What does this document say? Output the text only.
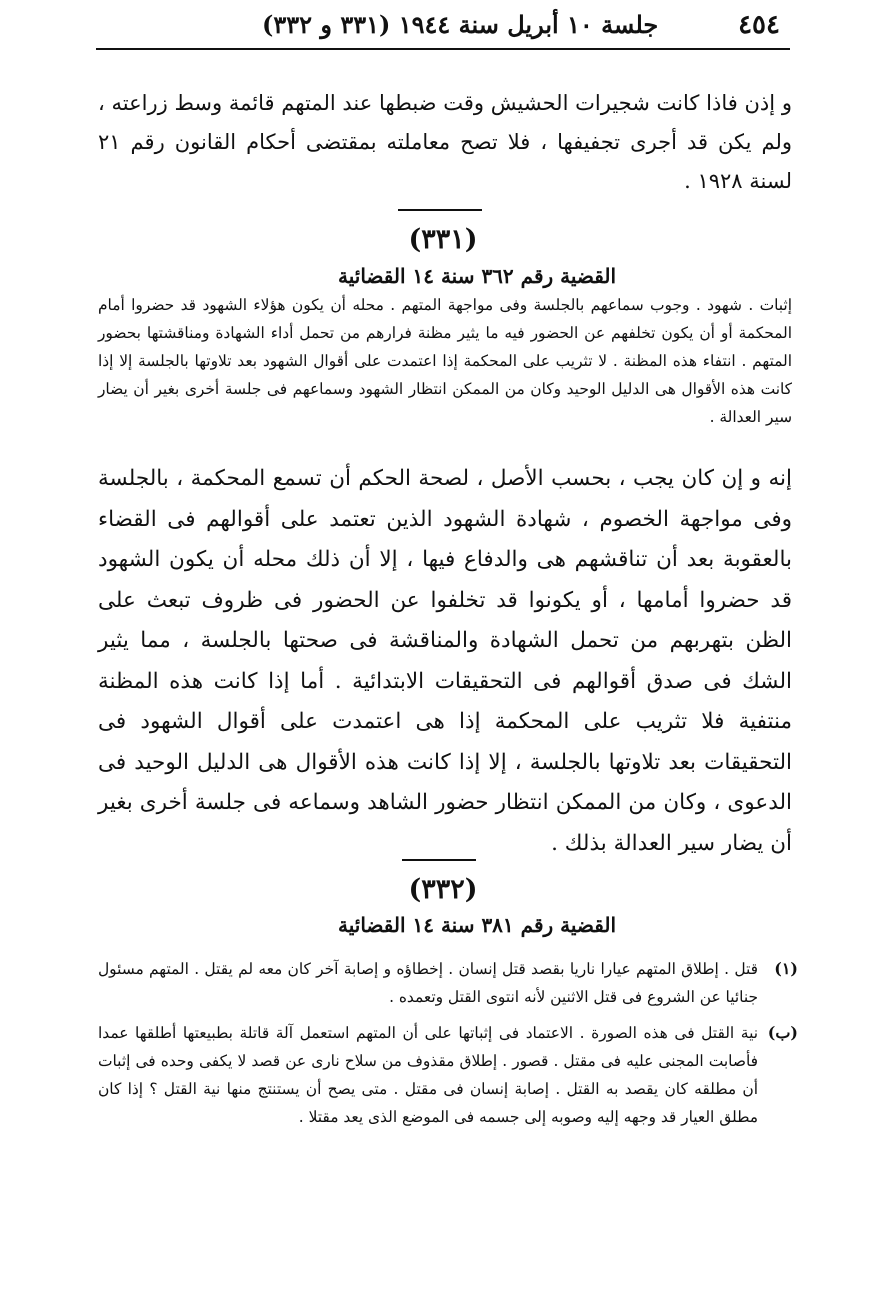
٤٥٤
جلسة ١٠ أبريل سنة ١٩٤٤ (٣٣١ و ٣٣٢)

و إذن فاذا كانت شجيرات الحشيش وقت ضبطها عند المتهم قائمة وسط زراعته ، ولم يكن قد أجرى تجفيفها ، فلا تصح معاملته بمقتضى أحكام القانون رقم ٢١ لسنة ١٩٢٨ .

(٣٣١)
القضية رقم ٣٦٢ سنة ١٤ القضائية

إثبات . شهود . وجوب سماعهم بالجلسة وفى مواجهة المتهم . محله أن يكون هؤلاء الشهود قد حضروا أمام المحكمة أو أن يكون تخلفهم عن الحضور فيه ما يثير مظنة فرارهم من تحمل أداء الشهادة ومناقشتها بحضور المتهم . انتفاء هذه المظنة . لا تثريب على المحكمة إذا اعتمدت على أقوال الشهود بعد تلاوتها بالجلسة إلا إذا كانت هذه الأقوال هى الدليل الوحيد وكان من الممكن انتظار الشهود وسماعهم فى جلسة أخرى بغير أن يضار سير العدالة .

إنه و إن كان يجب ، بحسب الأصل ، لصحة الحكم أن تسمع المحكمة ، بالجلسة وفى مواجهة الخصوم ، شهادة الشهود الذين تعتمد على أقوالهم فى القضاء بالعقوبة بعد أن تناقشهم هى والدفاع فيها ، إلا أن ذلك محله أن يكون الشهود قد حضروا أمامها ، أو يكونوا قد تخلفوا عن الحضور فى ظروف تبعث على الظن بتهربهم من تحمل الشهادة والمناقشة فى صحتها بالجلسة ، مما يثير الشك فى صدق أقوالهم فى التحقيقات الابتدائية . أما إذا كانت هذه المظنة منتفية فلا تثريب على المحكمة إذا هى اعتمدت على أقوال الشهود فى التحقيقات بعد تلاوتها بالجلسة ، إلا إذا كانت هذه الأقوال هى الدليل الوحيد فى الدعوى ، وكان من الممكن انتظار حضور الشاهد وسماعه فى جلسة أخرى بغير أن يضار سير العدالة بذلك .

(٣٣٢)
القضية رقم ٣٨١ سنة ١٤ القضائية
(١)
قتل . إطلاق المتهم عيارا ناريا بقصد قتل إنسان . إخطاؤه و إصابة آخر كان معه لم يقتل . المتهم مسئول جنائيا عن الشروع فى قتل الاثنين لأنه انتوى القتل وتعمده .
(ب)
نية القتل فى هذه الصورة . الاعتماد فى إثباتها على أن المتهم استعمل آلة قاتلة بطبيعتها أطلقها عمدا فأصابت المجنى عليه فى مقتل . قصور . إطلاق مقذوف من سلاح نارى عن قصد لا يكفى وحده فى إثبات أن مطلقه كان يقصد به القتل . إصابة إنسان فى مقتل . متى يصح أن يستنتج منها نية القتل ؟ إذا كان مطلق العيار قد وجهه إليه وصوبه إلى جسمه فى الموضع الذى يعد مقتلا .
